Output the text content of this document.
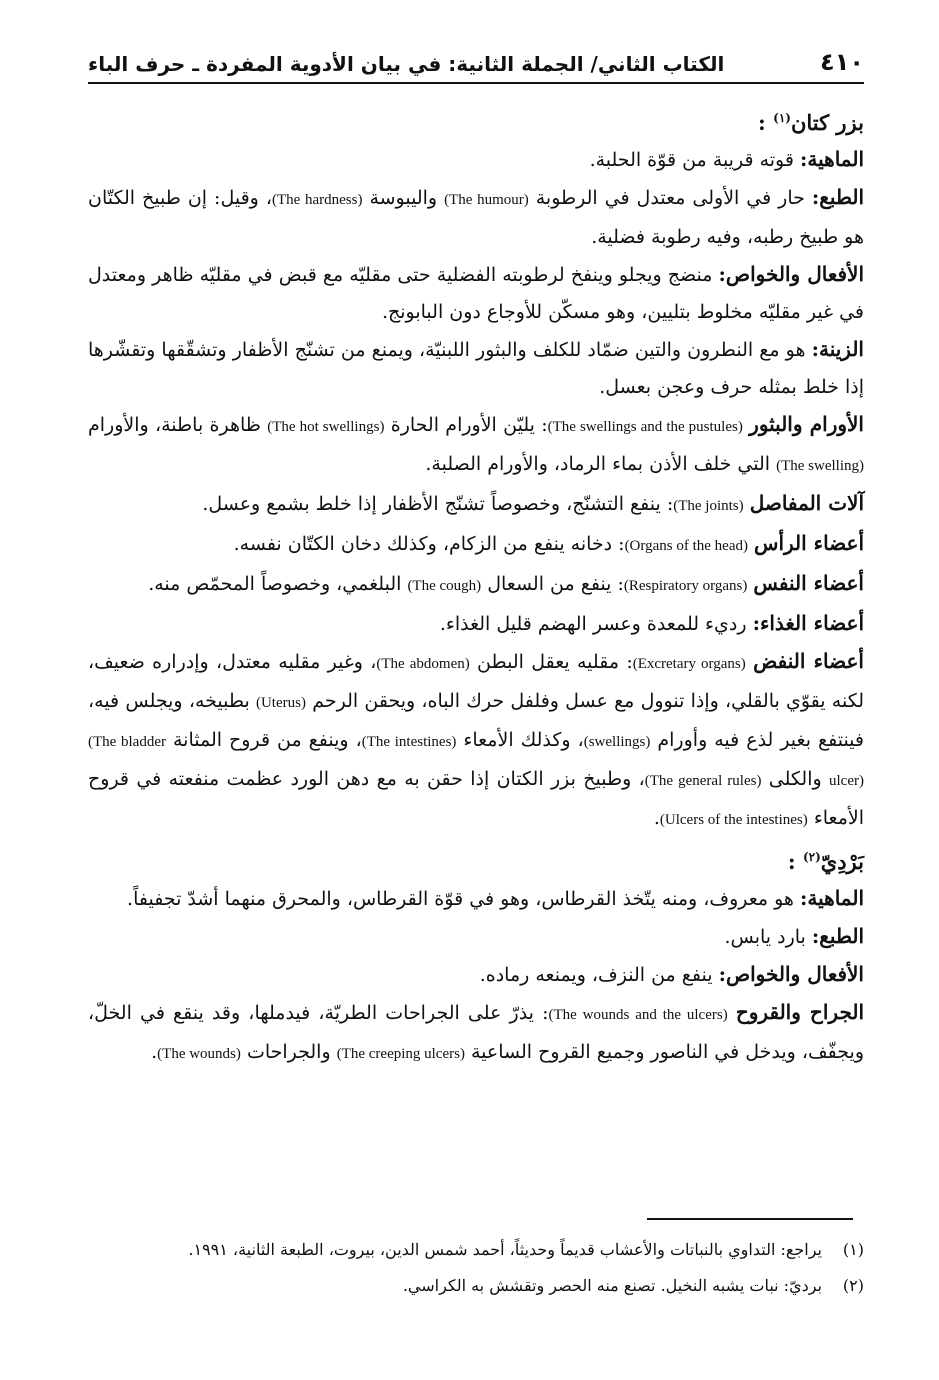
٤١٠
الكتاب الثاني/ الجملة الثانية: في بيان الأدوية المفردة ـ حرف الباء

بزر كتان$^{(١)}$ :

الماهية: قوته قريبة من قوّة الحلبة.

الطبع: حار في الأولى معتدل في الرطوبة (The humour) واليبوسة (The hardness)، وقيل: إن طبيخ الكتّان هو طبيخ رطبه، وفيه رطوبة فضلية.

الأفعال والخواص: منضج ويجلو وينفخ لرطوبته الفضلية حتى مقليّه مع قبض في مقليّه ظاهر ومعتدل في غير مقليّه مخلوط بتليين، وهو مسكّن للأوجاع دون البابونج.

الزينة: هو مع النطرون والتين ضمّاد للكلف والبثور اللبنيّة، ويمنع من تشنّج الأظفار وتشقّقها وتقشّرها إذا خلط بمثله حرف وعجن بعسل.

الأورام والبثور (The swellings and the pustules): يليّن الأورام الحارة (The hot swellings) ظاهرة باطنة، والأورام (The swelling) التي خلف الأذن بماء الرماد، والأورام الصلبة.

آلات المفاصل (The joints): ينفع التشنّج، وخصوصاً تشنّج الأظفار إذا خلط بشمع وعسل.

أعضاء الرأس (Organs of the head): دخانه ينفع من الزكام، وكذلك دخان الكتّان نفسه.

أعضاء النفس (Respiratory organs): ينفع من السعال (The cough) البلغمي، وخصوصاً المحمّص منه.

أعضاء الغذاء: رديء للمعدة وعسر الهضم قليل الغذاء.

أعضاء النفض (Excretary organs): مقليه يعقل البطن (The abdomen)، وغير مقليه معتدل، وإدراره ضعيف، لكنه يقوّي بالقلي، وإذا تنوول مع عسل وفلفل حرك الباه، ويحقن الرحم (Uterus) بطبيخه، ويجلس فيه، فينتفع بغير لذع فيه وأورام (swellings)، وكذلك الأمعاء (The intestines)، وينفع من قروح المثانة (The bladder ulcer) والكلى (The general rules)، وطبيخ بزر الكتان إذا حقن به مع دهن الورد عظمت منفعته في قروح الأمعاء (Ulcers of the intestines).

بَرْدِيّ$^{(٢)}$ :

الماهية: هو معروف، ومنه يتّخذ القرطاس، وهو في قوّة القرطاس، والمحرق منهما أشدّ تجفيفاً.

الطبع: بارد يابس.

الأفعال والخواص: ينفع من النزف، ويمنعه رماده.

الجراح والقروح (The wounds and the ulcers): يذرّ على الجراحات الطريّة، فيدملها، وقد ينقع في الخلّ، ويجفّف، ويدخل في الناصور وجميع القروح الساعية (The creeping ulcers) والجراحات (The wounds).

(١)
يراجع: التداوي بالنباتات والأعشاب قديماً وحديثاً، أحمد شمس الدين، بيروت، الطبعة الثانية، ١٩٩١.

(٢)
برديّ: نبات يشبه النخيل. تصنع منه الحصر وتقشش به الكراسي.
